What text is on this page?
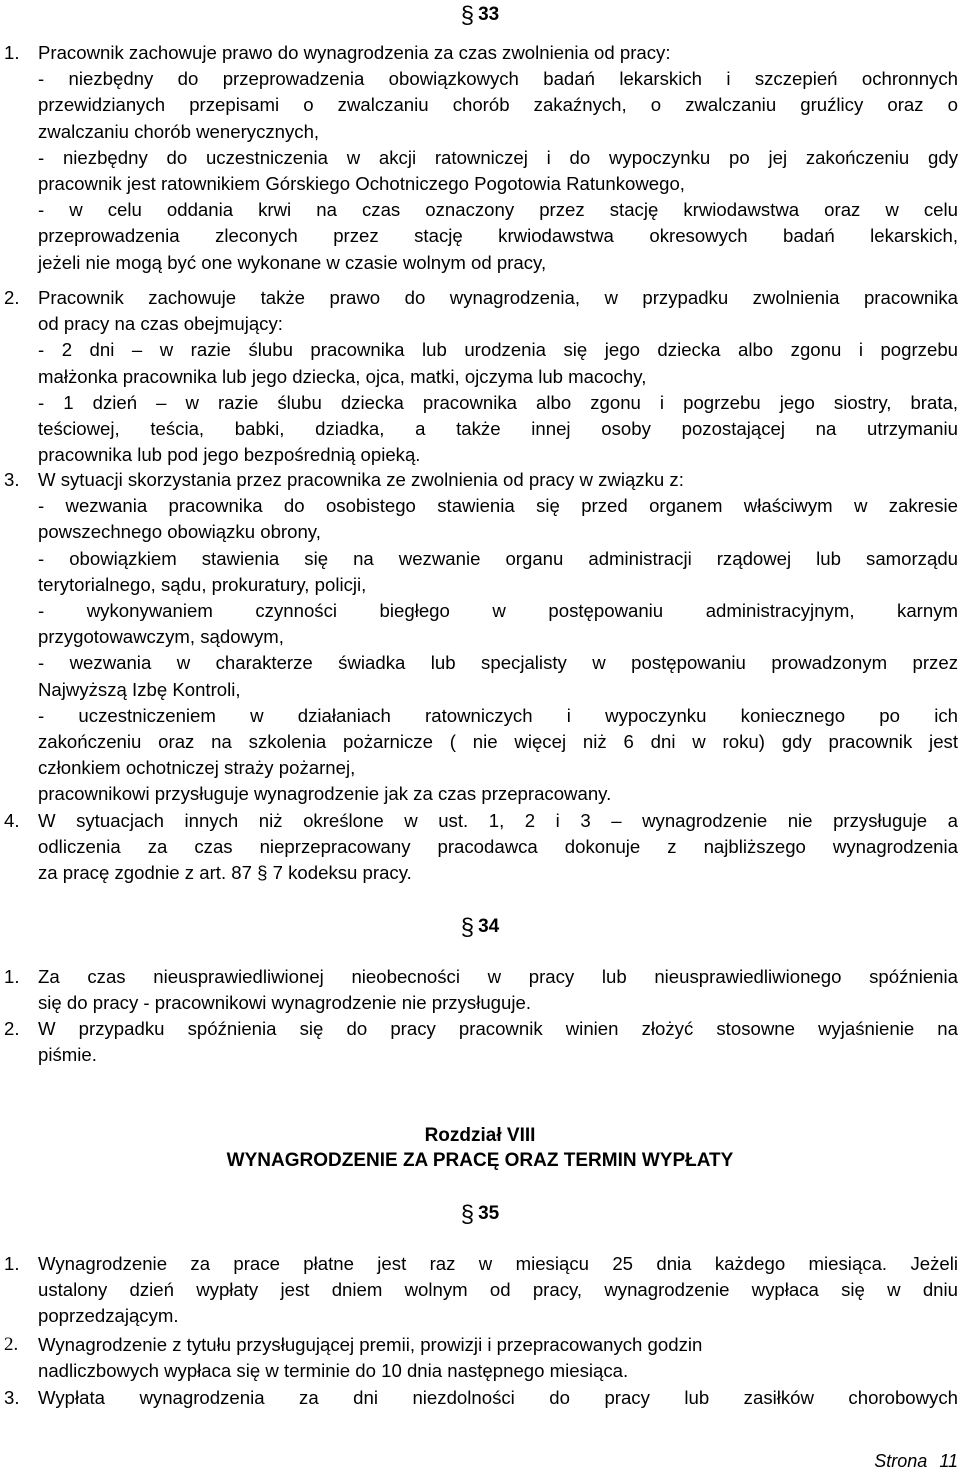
§ 33
1. Pracownik zachowuje prawo do wynagrodzenia za czas zwolnienia od pracy:
- niezbędny do przeprowadzenia obowiązkowych badań lekarskich i szczepień ochronnych
przewidzianych przepisami o zwalczaniu chorób zakaźnych, o zwalczaniu gruźlicy oraz o
zwalczaniu chorób wenerycznych,
- niezbędny do uczestniczenia w akcji ratowniczej i do wypoczynku po jej zakończeniu gdy
pracownik jest ratownikiem Górskiego Ochotniczego Pogotowia Ratunkowego,
- w celu oddania krwi na czas oznaczony przez stację krwiodawstwa oraz w celu
przeprowadzenia zleconych przez stację krwiodawstwa okresowych badań lekarskich,
jeżeli nie mogą być one wykonane w czasie wolnym od pracy,
2. Pracownik zachowuje także prawo do wynagrodzenia, w przypadku zwolnienia pracownika
od pracy na czas obejmujący:
- 2 dni – w razie ślubu pracownika lub urodzenia się jego dziecka albo zgonu i pogrzebu
małżonka pracownika lub jego dziecka, ojca, matki, ojczyma lub macochy,
- 1 dzień – w razie ślubu dziecka pracownika albo zgonu i pogrzebu jego siostry, brata,
teściowej, teścia, babki, dziadka, a także innej osoby pozostającej na utrzymaniu
pracownika lub pod jego bezpośrednią opieką.
3. W sytuacji skorzystania przez pracownika ze zwolnienia od pracy w związku z:
- wezwania pracownika do osobistego stawienia się przed organem właściwym w zakresie
powszechnego obowiązku obrony,
- obowiązkiem stawienia się na wezwanie organu administracji rządowej lub samorządu
terytorialnego, sądu, prokuratury, policji,
- wykonywaniem czynności biegłego w postępowaniu administracyjnym, karnym
przygotowawczym, sądowym,
- wezwania w charakterze świadka lub specjalisty w postępowaniu prowadzonym przez
Najwyższą Izbę Kontroli,
- uczestniczeniem w działaniach ratowniczych i wypoczynku koniecznego po ich
zakończeniu oraz na szkolenia pożarnicze ( nie więcej niż 6 dni w roku) gdy pracownik jest
członkiem ochotniczej straży pożarnej,
pracownikowi przysługuje wynagrodzenie jak za czas przepracowany.
4. W sytuacjach innych niż określone w ust. 1, 2 i 3 – wynagrodzenie nie przysługuje a
odliczenia za czas nieprzepracowany pracodawca dokonuje z najbliższego wynagrodzenia
za pracę zgodnie z art. 87 § 7 kodeksu pracy.
§ 34
1. Za czas nieusprawiedliwionej nieobecności w pracy lub nieusprawiedliwionego spóźnienia
się do pracy - pracownikowi wynagrodzenie nie przysługuje.
2. W przypadku spóźnienia się do pracy pracownik winien złożyć stosowne wyjaśnienie na
piśmie.
Rozdział VIII
WYNAGRODZENIE ZA PRACĘ ORAZ TERMIN WYPŁATY
§ 35
1. Wynagrodzenie za prace płatne jest raz w miesiącu 25 dnia każdego miesiąca. Jeżeli
ustalony dzień wypłaty jest dniem wolnym od pracy, wynagrodzenie wypłaca się w dniu
poprzedzającym.
2. Wynagrodzenie z tytułu przysługującej premii, prowizji i przepracowanych godzin
nadliczbowych wypłaca się w terminie do 10 dnia następnego miesiąca.
3. Wypłata wynagrodzenia za dni niezdolności do pracy lub zasiłków chorobowych
Strona 11
